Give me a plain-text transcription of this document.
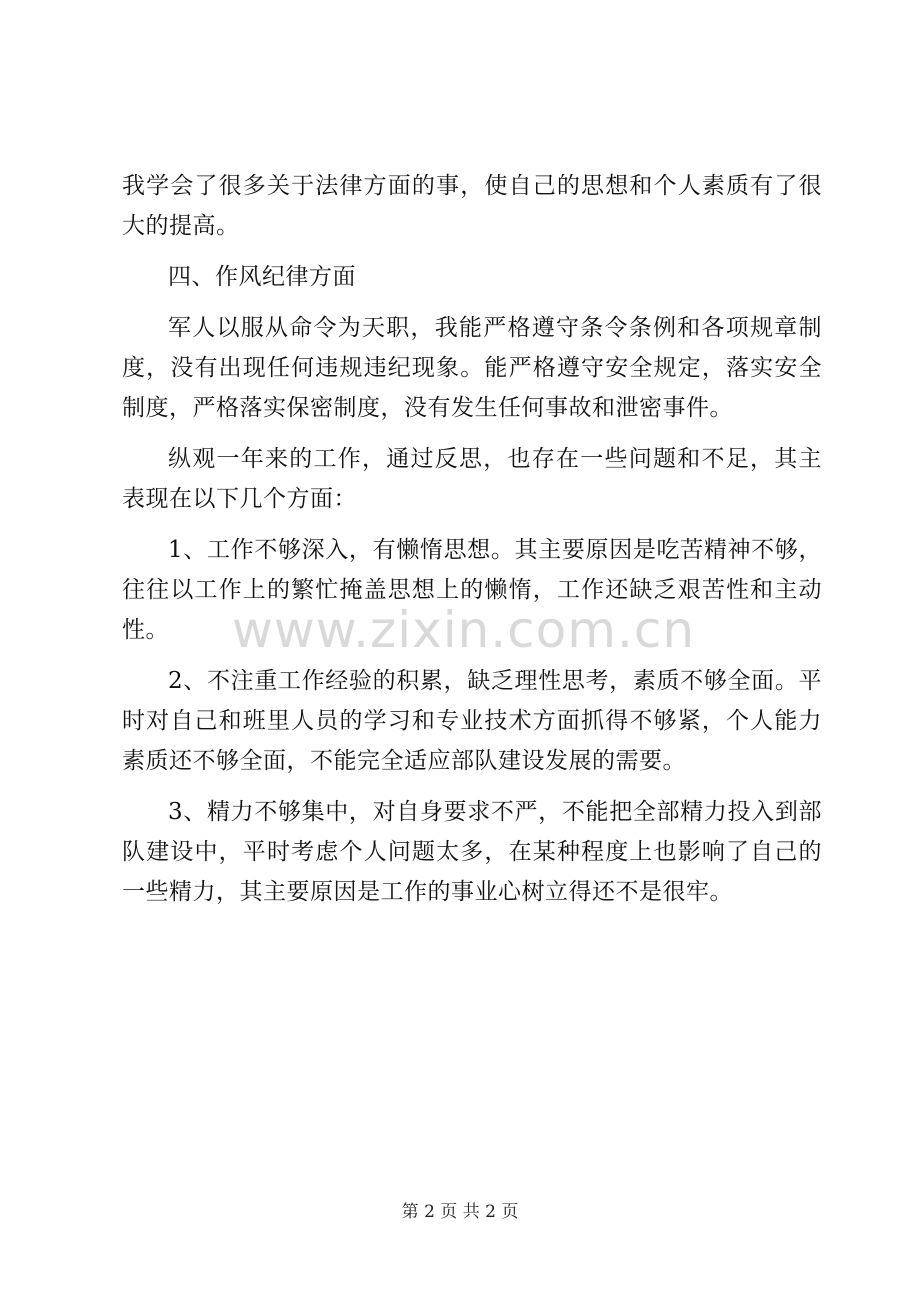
我学会了很多关于法律方面的事，使自己的思想和个人素质有了很大的提高。

四、作风纪律方面

军人以服从命令为天职，我能严格遵守条令条例和各项规章制度，没有出现任何违规违纪现象。能严格遵守安全规定，落实安全制度，严格落实保密制度，没有发生任何事故和泄密事件。

纵观一年来的工作，通过反思，也存在一些问题和不足，其主表现在以下几个方面：

1、工作不够深入，有懒惰思想。其主要原因是吃苦精神不够，往往以工作上的繁忙掩盖思想上的懒惰，工作还缺乏艰苦性和主动性。

2、不注重工作经验的积累，缺乏理性思考，素质不够全面。平时对自己和班里人员的学习和专业技术方面抓得不够紧，个人能力素质还不够全面，不能完全适应部队建设发展的需要。

3、精力不够集中，对自身要求不严，不能把全部精力投入到部队建设中，平时考虑个人问题太多，在某种程度上也影响了自己的一些精力，其主要原因是工作的事业心树立得还不是很牢。

www.zixin.com.cn
第 2 页 共 2 页
